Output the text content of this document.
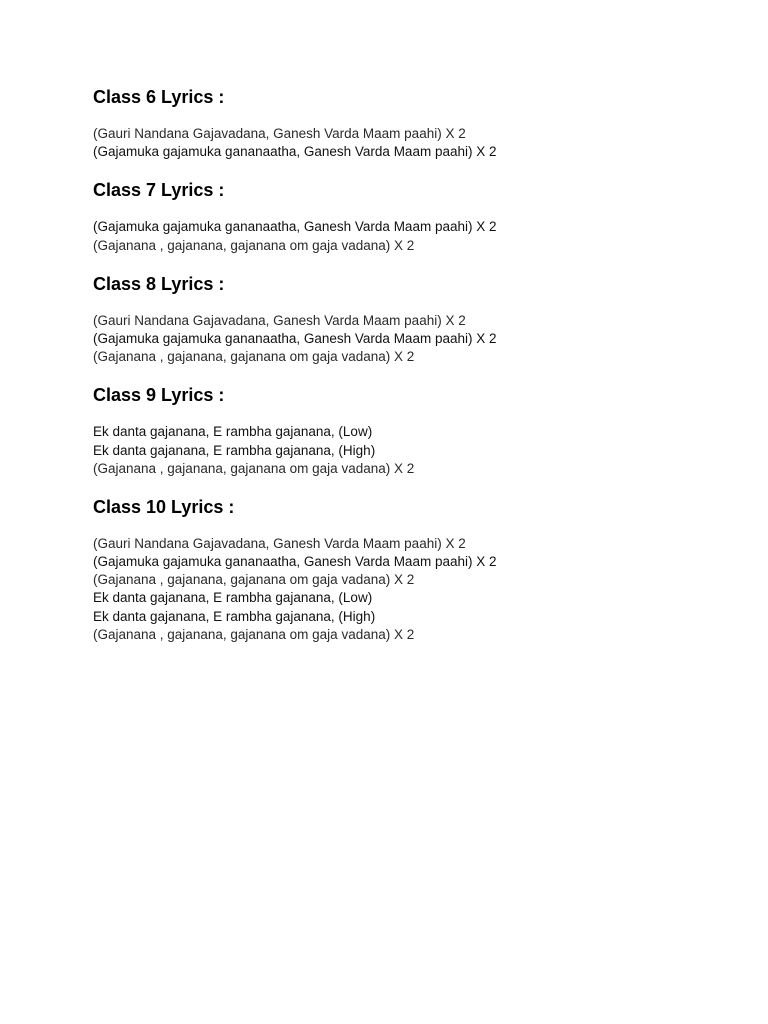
Class 6 Lyrics :
(Gauri Nandana Gajavadana, Ganesh Varda Maam paahi) X 2
(Gajamuka gajamuka gananaatha, Ganesh Varda Maam paahi) X 2
Class 7 Lyrics :
(Gajamuka gajamuka gananaatha, Ganesh Varda Maam paahi) X 2
(Gajanana , gajanana, gajanana om gaja vadana) X 2
Class 8 Lyrics :
(Gauri Nandana Gajavadana, Ganesh Varda Maam paahi) X 2
(Gajamuka gajamuka gananaatha, Ganesh Varda Maam paahi) X 2
(Gajanana , gajanana, gajanana om gaja vadana) X 2
Class 9 Lyrics :
Ek danta gajanana, E rambha gajanana, (Low)
Ek danta gajanana, E rambha gajanana, (High)
(Gajanana , gajanana, gajanana om gaja vadana) X 2
Class 10 Lyrics :
(Gauri Nandana Gajavadana, Ganesh Varda Maam paahi) X 2
(Gajamuka gajamuka gananaatha, Ganesh Varda Maam paahi) X 2
(Gajanana , gajanana, gajanana om gaja vadana) X 2
Ek danta gajanana, E rambha gajanana, (Low)
Ek danta gajanana, E rambha gajanana, (High)
(Gajanana , gajanana, gajanana om gaja vadana) X 2
